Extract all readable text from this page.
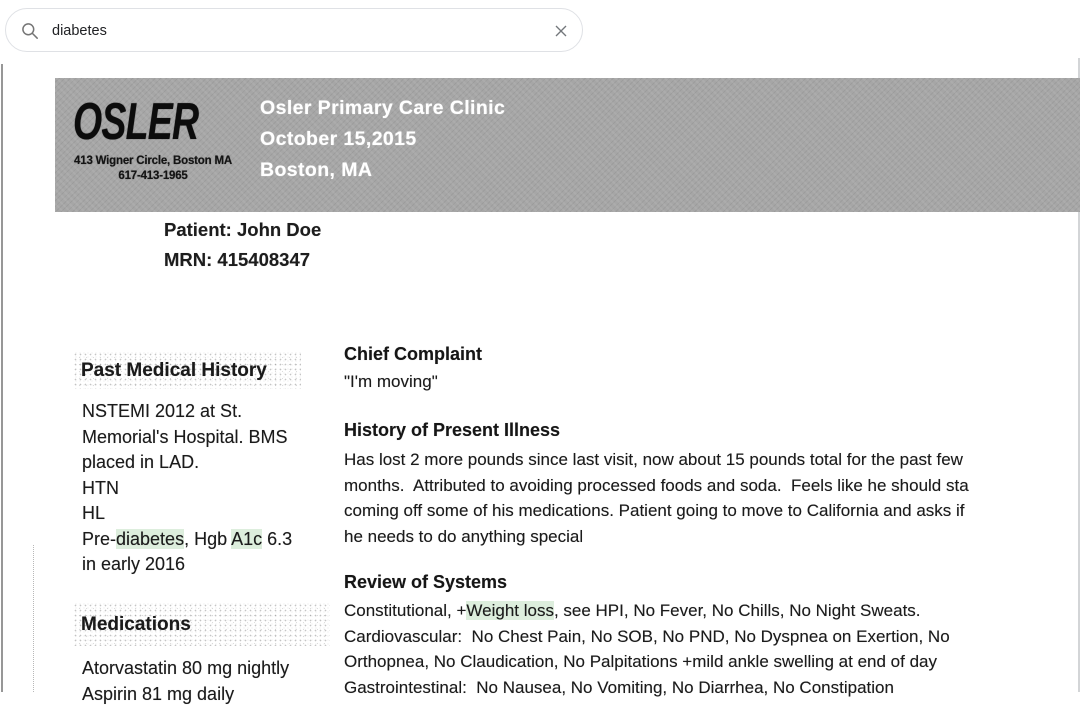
diabetes
OSLER
413 Wigner Circle, Boston MA
617-413-1965
Osler Primary Care Clinic
October 15,2015
Boston, MA
Patient: John Doe
MRN: 415408347
Past Medical History
NSTEMI 2012 at St.
Memorial's Hospital. BMS
placed in LAD.
HTN
HL
Pre-diabetes, Hgb A1c 6.3
in early 2016
Medications
Atorvastatin 80 mg nightly
Aspirin 81 mg daily
Chief Complaint
"I'm moving"
History of Present Illness
Has lost 2 more pounds since last visit, now about 15 pounds total for the past few
months.  Attributed to avoiding processed foods and soda.  Feels like he should sta
coming off some of his medications. Patient going to move to California and asks if
he needs to do anything special
Review of Systems
Constitutional, +Weight loss, see HPI, No Fever, No Chills, No Night Sweats.
Cardiovascular:  No Chest Pain, No SOB, No PND, No Dyspnea on Exertion, No
Orthopnea, No Claudication, No Palpitations +mild ankle swelling at end of day
Gastrointestinal:  No Nausea, No Vomiting, No Diarrhea, No Constipation
